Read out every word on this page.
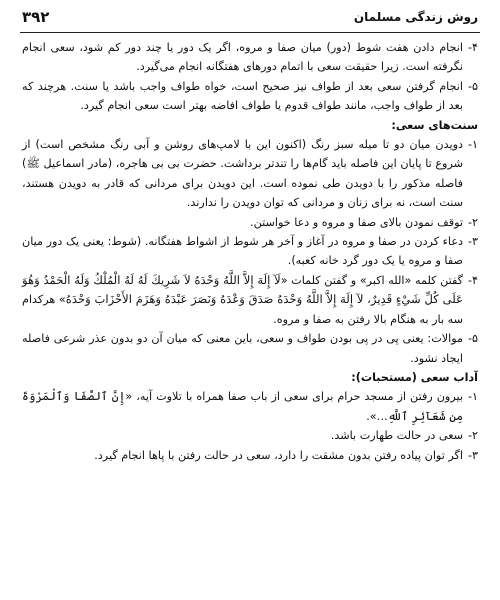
روش زندگی مسلمان
۳۹۲
۴-
انجام دادن هفت شوط (دور) میان صفا و مروه، اگر یک دور یا چند دور کم شود، سعی انجام نگرفته است. زیرا حقیقت سعی با اتمام دورهای هفتگانه انجام می‌گیرد.
۵-
انجام گرفتن سعی بعد از طواف نیز صحیح است، خواه طواف واجب باشد یا سنت. هرچند که بعد از طواف واجب، مانند طواف قدوم یا طواف افاضه بهتر است سعی انجام گیرد.
سنت‌های سعی:
۱-
دویدن میان دو تا میله سبز رنگ (اکنون این با لامپ‌های روشن و آبی رنگ مشخص است) از شروع تا پایان این فاصله باید گام‌ها را تندتر برداشت. حضرت بی بی هاجره، (مادر اسماعیل ﷺ) فاصله مذکور را با دویدن طی نموده است. این دویدن برای مردانی که قادر به دویدن هستند، سنت است، نه برای زنان و مردانی که توان دویدن را ندارند.
۲-
توقف نمودن بالای صفا و مروه و دعا خواستن.
۳-
دعاء کردن در صفا و مروه در آغاز و آخر هر شوط از اشواط هفتگانه. (شوط: یعنی یک دور میان صفا و مروه یا یک دور گرد خانه کعبه).
۴-
گفتن کلمه «الله اکبر» و گفتن کلمات «لَآ إِلَهَ إِلاَّ اللَّهُ وَحْدَهُ لاَ شَرِيكَ لَهُ لَهُ الْمُلْكُ وَلَهُ الْحَمْدُ وَهُوَ عَلَى كُلِّ شَيْءٍ قَدِيرٌ، لآ إِلَهَ إِلاَّ اللَّهُ وَحْدَهُ صَدَقَ وَعْدَهُ وَنَصَرَ عَبْدَهُ وَهَزَمَ الأَحْزَابَ وَحْدَهُ» هرکدام سه بار به هنگام بالا رفتن به صفا و مروه.
۵-
موالات: یعنی پی در پی بودن طواف و سعی، باین معنی که میان آن دو بدون عذر شرعی فاصله ایجاد نشود.
آداب سعی (مستحبات):
۱-
بیرون رفتن از مسجد حرام برای سعی از باب صفا همراه با تلاوت آیه، «إِنَّ ٱلصَّفَا وَٱلْمَرْوَةَ مِن شَعَآئِرِ ٱللَّهِ...».
۲-
سعی در حالت طهارت باشد.
۳-
اگر توان پیاده رفتن بدون مشقت را دارد، سعی در حالت رفتن با پاها انجام گیرد.
